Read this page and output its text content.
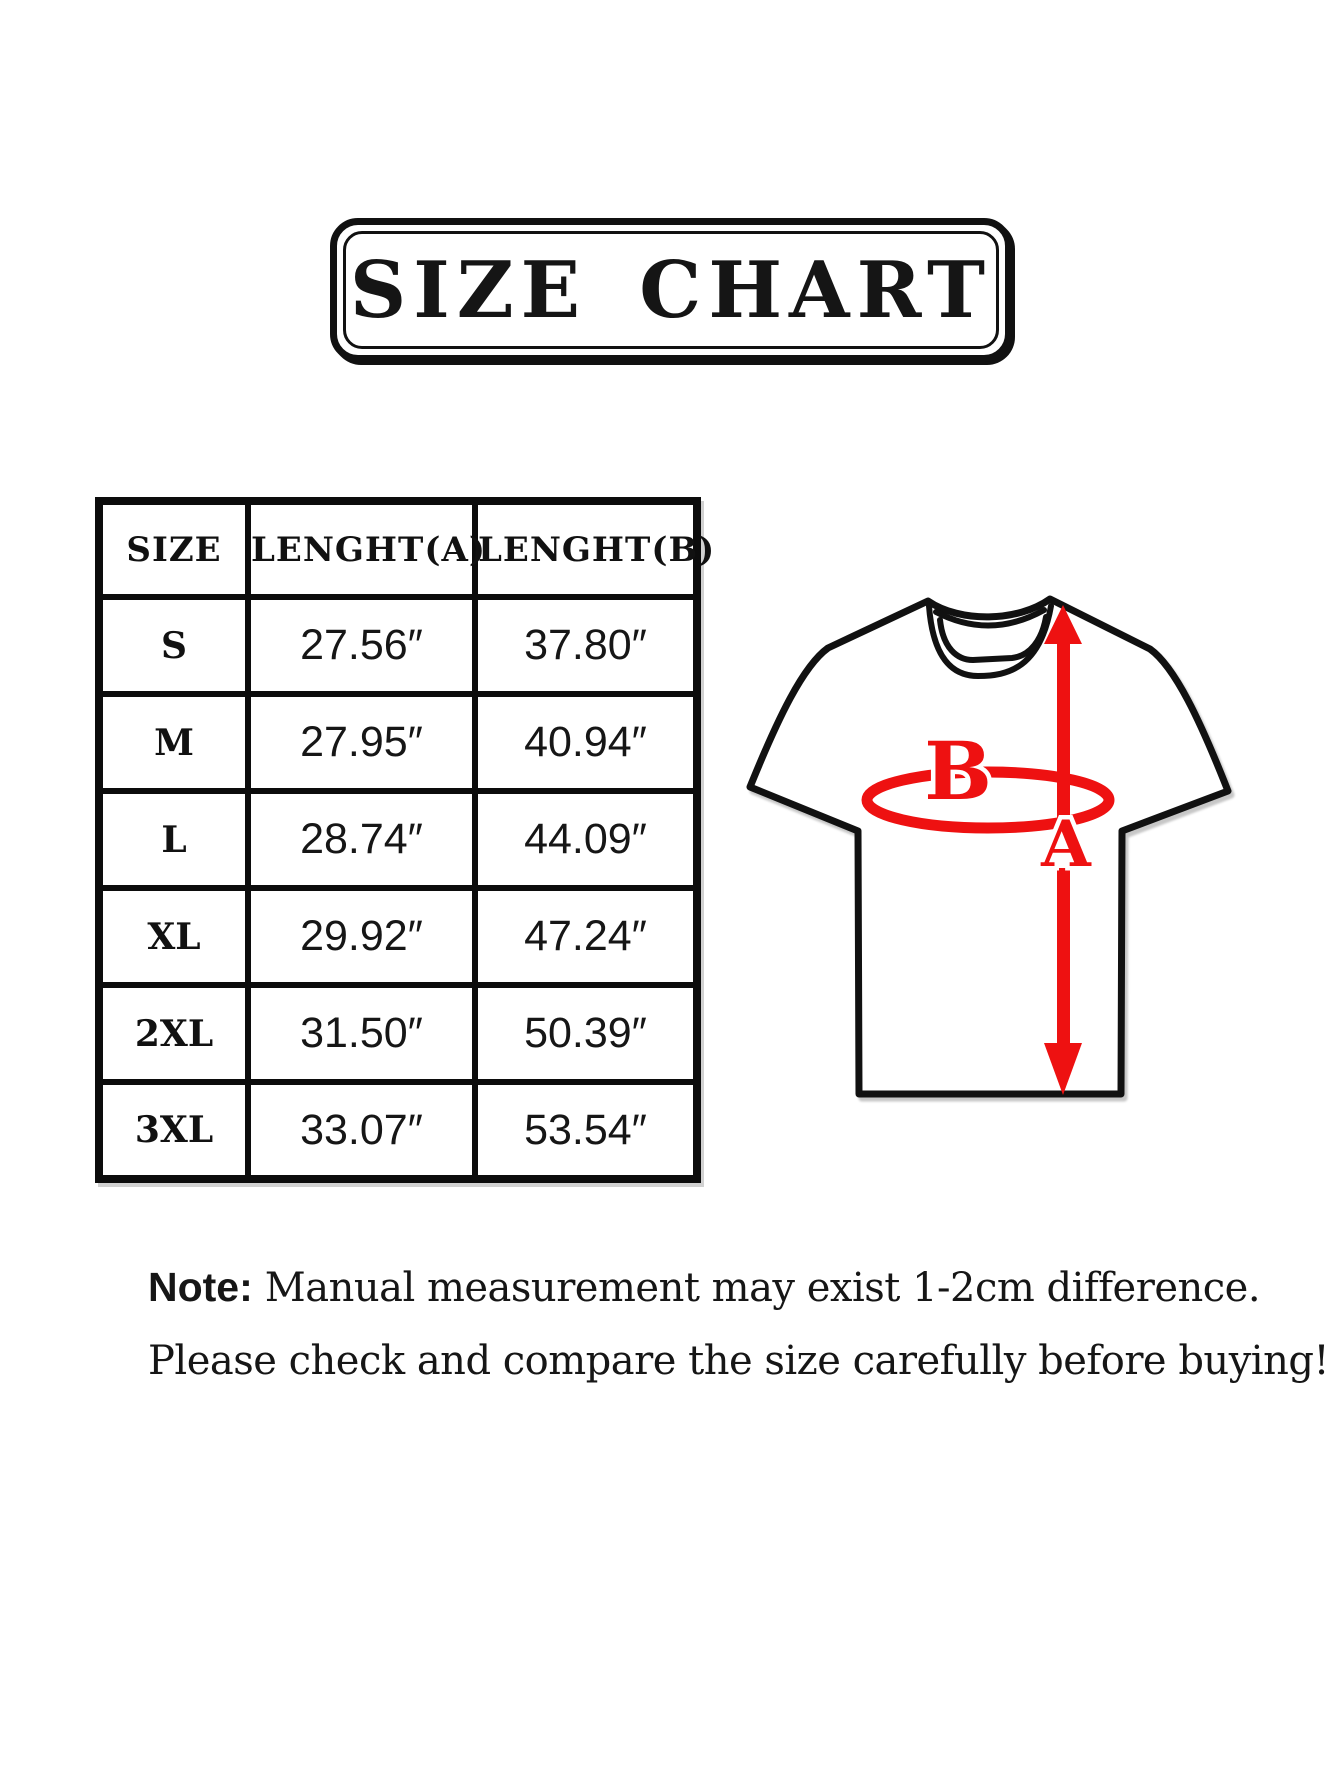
SIZE CHART
SIZE	LENGHT(A)	LENGHT(B)
S	27.56″	37.80″
M	27.95″	40.94″
L	28.74″	44.09″
XL	29.92″	47.24″
2XL	31.50″	50.39″
3XL	33.07″	53.54″
B
A
Note: Manual measurement may exist 1-2cm difference.
Please check and compare the size carefully before buying!
